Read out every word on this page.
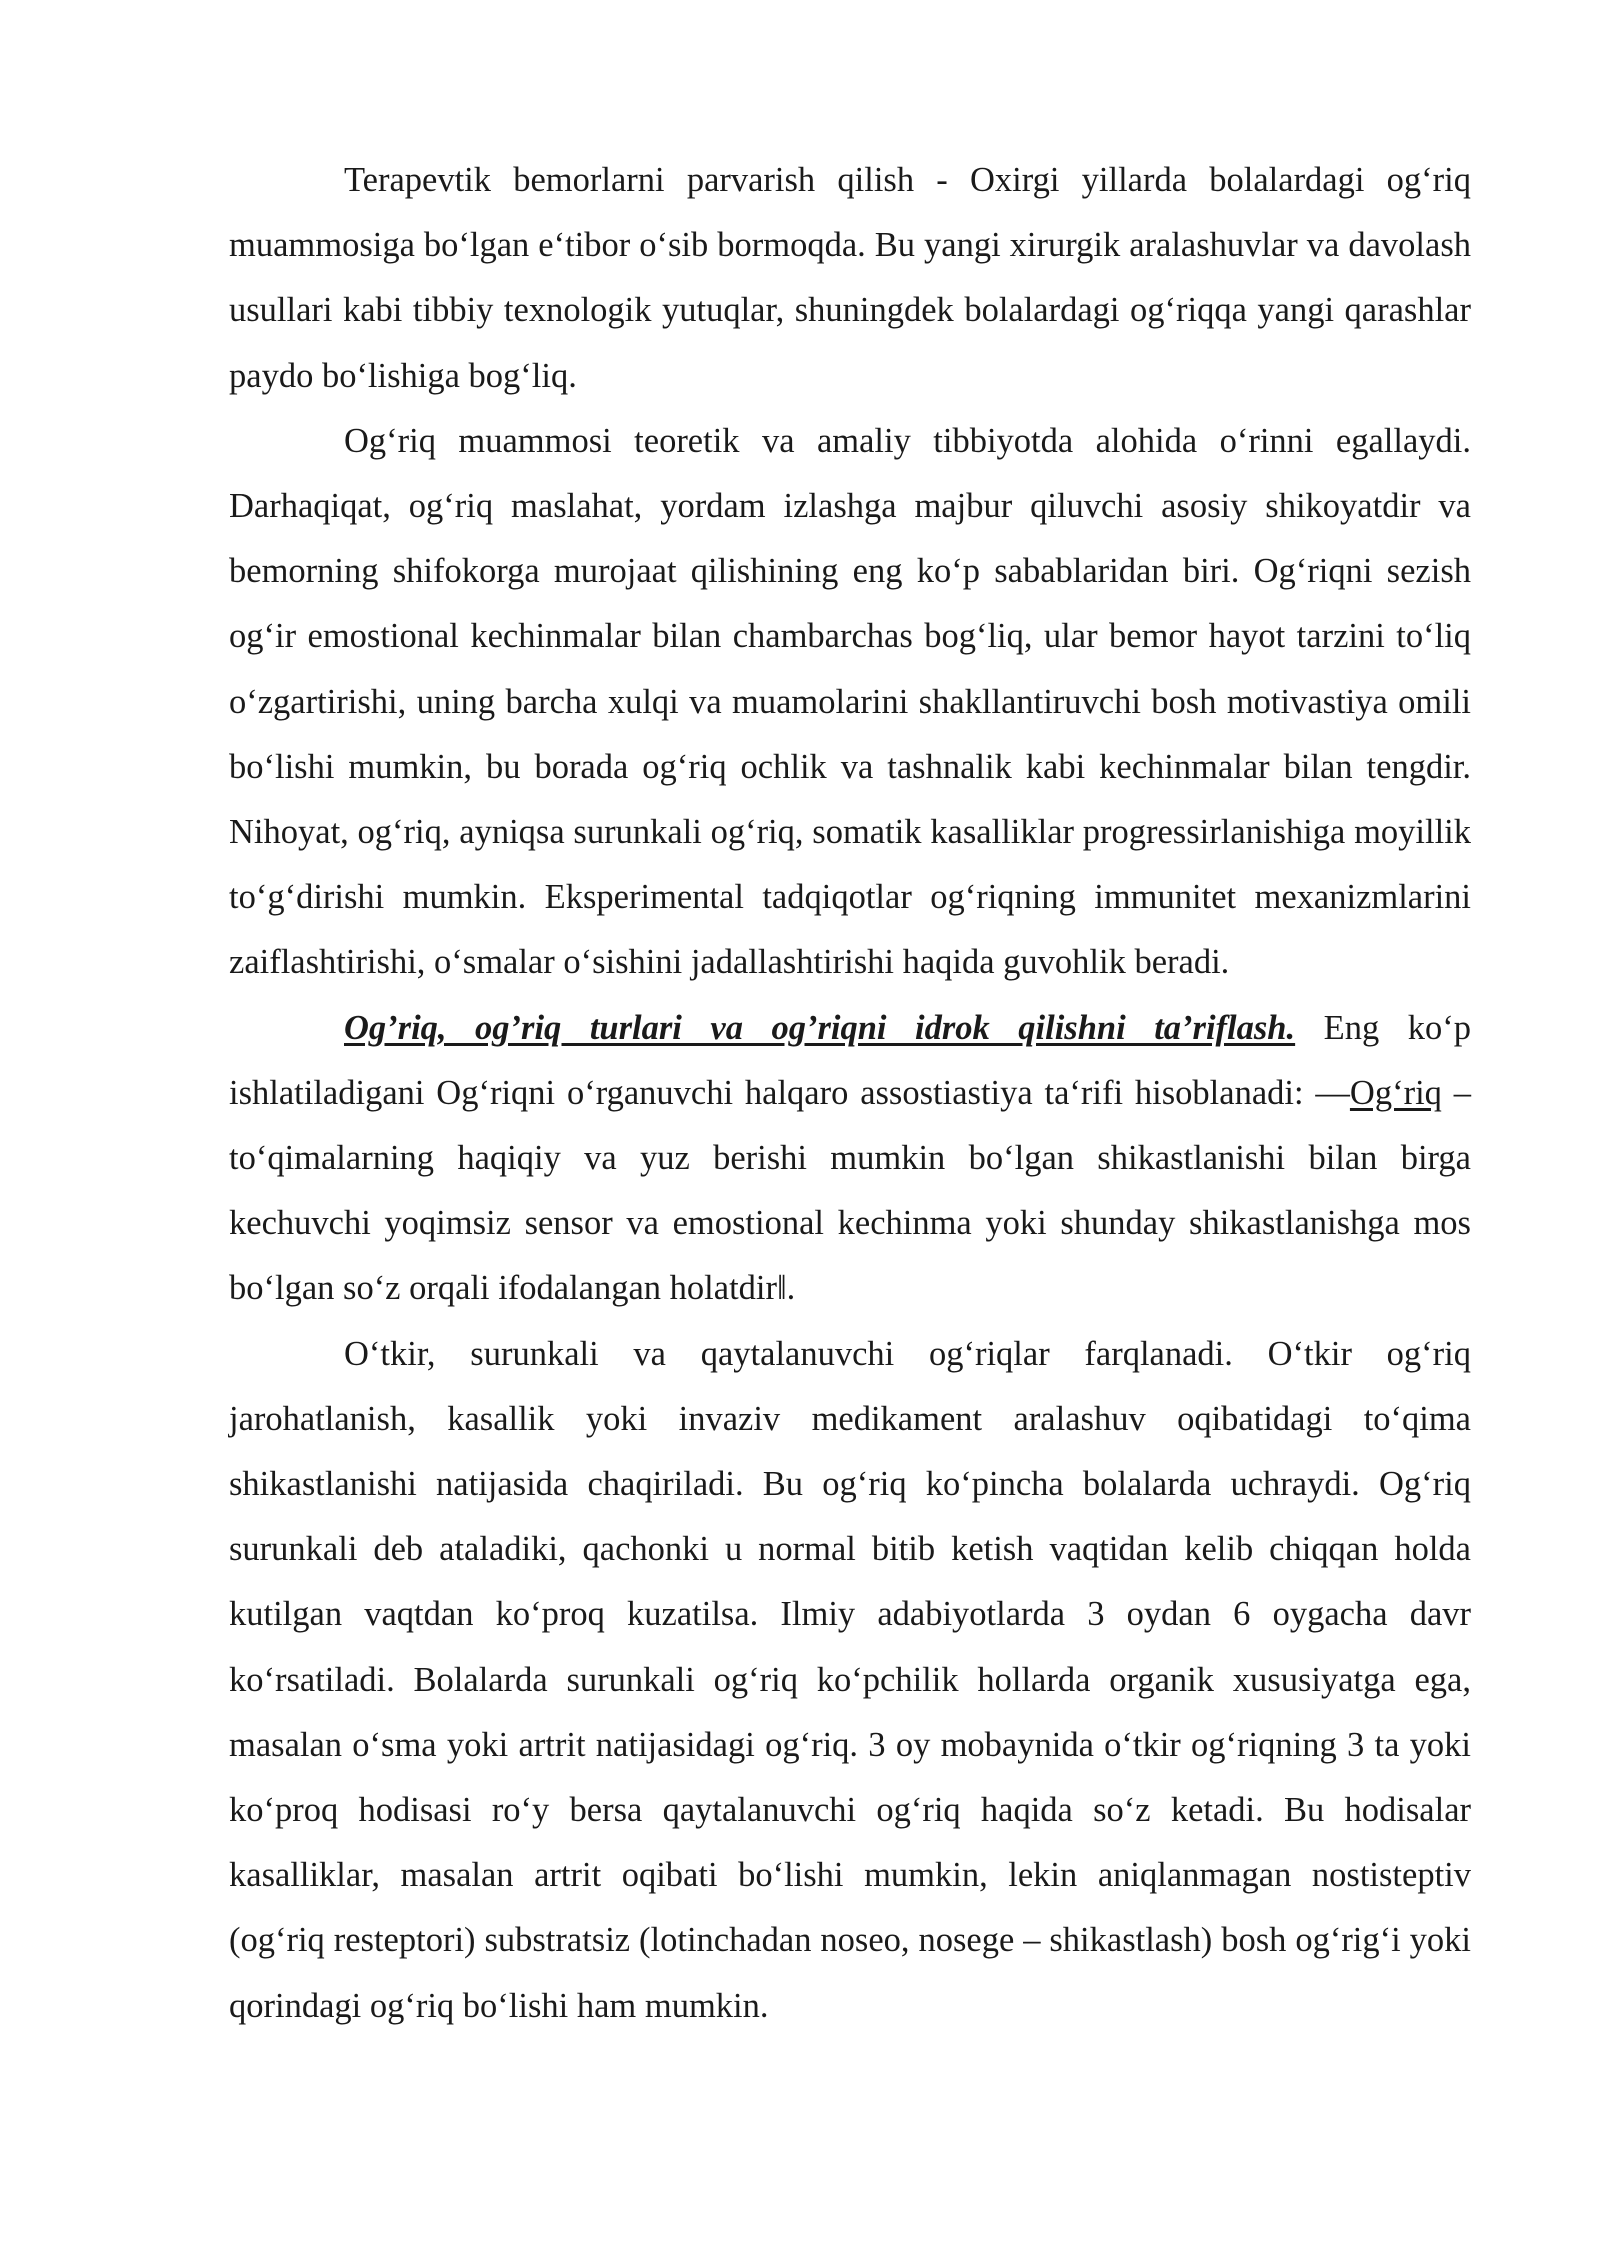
Terapevtik bemorlarni parvarish qilish - Oxirgi yillarda bolalardagi og‘riq muammosiga bo‘lgan e‘tibor o‘sib bormoqda. Bu yangi xirurgik aralashuvlar va davolash usullari kabi tibbiy texnologik yutuqlar, shuningdek bolalardagi og‘riqqa yangi qarashlar paydo bo‘lishiga bog‘liq.

Og‘riq muammosi teoretik va amaliy tibbiyotda alohida o‘rinni egallaydi. Darhaqiqat, og‘riq maslahat, yordam izlashga majbur qiluvchi asosiy shikoyatdir va bemorning shifokorga murojaat qilishining eng ko‘p sabablaridan biri. Og‘riqni sezish og‘ir emostional kechinmalar bilan chambarchas bog‘liq, ular bemor hayot tarzini to‘liq o‘zgartirishi, uning barcha xulqi va muamolarini shakllantiruvchi bosh motivastiya omili bo‘lishi mumkin, bu borada og‘riq ochlik va tashnalik kabi kechinmalar bilan tengdir. Nihoyat, og‘riq, ayniqsa surunkali og‘riq, somatik kasalliklar progressirlanishiga moyillik to‘g‘dirishi mumkin. Eksperimental tadqiqotlar og‘riqning immunitet mexanizmlarini zaiflashtirishi, o‘smalar o‘sishini jadallashtirishi haqida guvohlik beradi.

Og’riq, og’riq turlari va og’riqni idrok qilishni ta’riflash. Eng ko‘p ishlatiladigani Og‘riqni o‘rganuvchi halqaro assostiastiya ta‘rifi hisoblanadi: —Og‘riq – to‘qimalarning haqiqiy va yuz berishi mumkin bo‘lgan shikastlanishi bilan birga kechuvchi yoqimsiz sensor va emostional kechinma yoki shunday shikastlanishga mos bo‘lgan so‘z orqali ifodalangan holatdir‖.

O‘tkir, surunkali va qaytalanuvchi og‘riqlar farqlanadi. O‘tkir og‘riq jarohatlanish, kasallik yoki invaziv medikament aralashuv oqibatidagi to‘qima shikastlanishi natijasida chaqiriladi. Bu og‘riq ko‘pincha bolalarda uchraydi. Og‘riq surunkali deb ataladiki, qachonki u normal bitib ketish vaqtidan kelib chiqqan holda kutilgan vaqtdan ko‘proq kuzatilsa. Ilmiy adabiyotlarda 3 oydan 6 oygacha davr ko‘rsatiladi. Bolalarda surunkali og‘riq ko‘pchilik hollarda organik xususiyatga ega, masalan o‘sma yoki artrit natijasidagi og‘riq. 3 oy mobaynida o‘tkir og‘riqning 3 ta yoki ko‘proq hodisasi ro‘y bersa qaytalanuvchi og‘riq haqida so‘z ketadi. Bu hodisalar kasalliklar, masalan artrit oqibati bo‘lishi mumkin, lekin aniqlanmagan nostisteptiv (og‘riq resteptori) substratsiz (lotinchadan noseo, nosege – shikastlash) bosh og‘rig‘i yoki qorindagi og‘riq bo‘lishi ham mumkin.
